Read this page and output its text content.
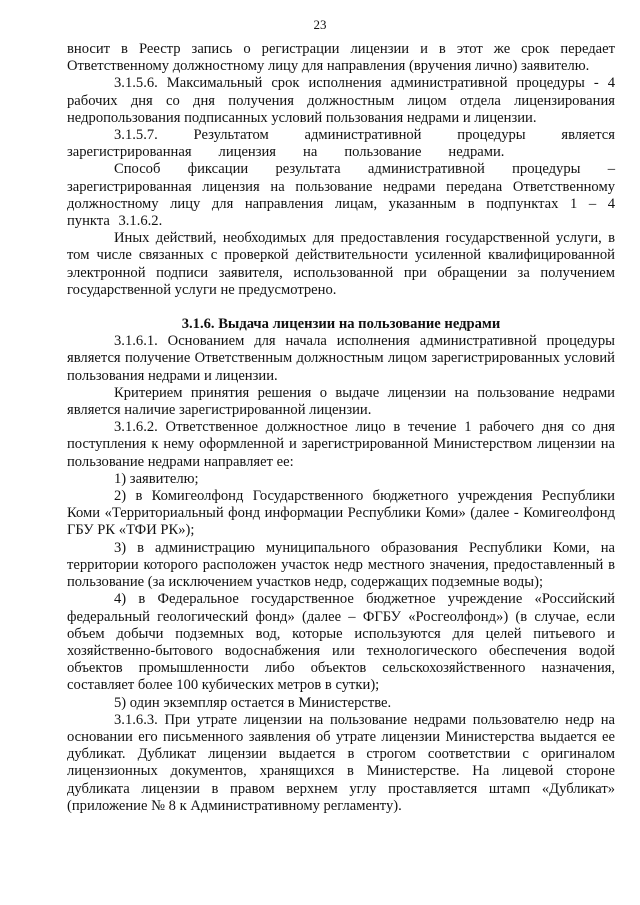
23

вносит в Реестр запись о регистрации лицензии и в этот же срок передает Ответственному должностному лицу для направления (вручения лично) заявителю.

3.1.5.6. Максимальный срок исполнения административной процедуры - 4 рабочих дня со дня получения должностным лицом отдела лицензирования недропользования подписанных условий пользования недрами и лицензии.

3.1.5.7. Результатом административной процедуры является зарегистрированная лицензия на пользование недрами.

Способ фиксации результата административной процедуры – зарегистрированная лицензия на пользование недрами передана Ответственному должностному лицу для направления лицам, указанным в подпунктах 1 – 4 пункта 3.1.6.2.

Иных действий, необходимых для предоставления государственной услуги, в том числе связанных с проверкой действительности усиленной квалифицированной электронной подписи заявителя, использованной при обращении за получением государственной услуги не предусмотрено.

3.1.6. Выдача лицензии на пользование недрами

3.1.6.1. Основанием для начала исполнения административной процедуры является получение Ответственным должностным лицом зарегистрированных условий пользования недрами и лицензии.

Критерием принятия решения о выдаче лицензии на пользование недрами является наличие зарегистрированной лицензии.

3.1.6.2. Ответственное должностное лицо в течение 1 рабочего дня со дня поступления к нему оформленной и зарегистрированной Министерством лицензии на пользование недрами направляет ее:

1) заявителю;

2) в Комигеолфонд Государственного бюджетного учреждения Республики Коми «Территориальный фонд информации Республики Коми» (далее - Комигеолфонд ГБУ РК «ТФИ РК»);

3) в администрацию муниципального образования Республики Коми, на территории которого расположен участок недр местного значения, предоставленный в пользование (за исключением участков недр, содержащих подземные воды);

4) в Федеральное государственное бюджетное учреждение «Российский федеральный геологический фонд» (далее – ФГБУ «Росгеолфонд») (в случае, если объем добычи подземных вод, которые используются для целей питьевого и хозяйственно-бытового водоснабжения или технологического обеспечения водой объектов промышленности либо объектов сельскохозяйственного назначения, составляет более 100 кубических метров в сутки);

5) один экземпляр остается в Министерстве.

3.1.6.3. При утрате лицензии на пользование недрами пользователю недр на основании его письменного заявления об утрате лицензии Министерства выдается ее дубликат. Дубликат лицензии выдается в строгом соответствии с оригиналом лицензионных документов, хранящихся в Министерстве. На лицевой стороне дубликата лицензии в правом верхнем углу проставляется штамп «Дубликат» (приложение № 8 к Административному регламенту).
